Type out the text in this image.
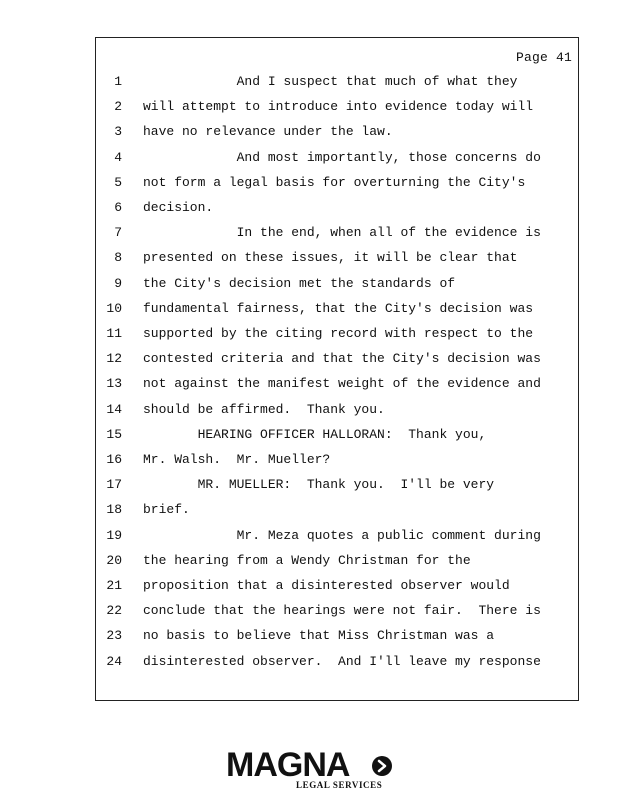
Page 41
1 And I suspect that much of what they
2 will attempt to introduce into evidence today will
3 have no relevance under the law.
4 And most importantly, those concerns do
5 not form a legal basis for overturning the City's
6 decision.
7 In the end, when all of the evidence is
8 presented on these issues, it will be clear that
9 the City's decision met the standards of
10 fundamental fairness, that the City's decision was
11 supported by the citing record with respect to the
12 contested criteria and that the City's decision was
13 not against the manifest weight of the evidence and
14 should be affirmed.  Thank you.
15 HEARING OFFICER HALLORAN:  Thank you,
16 Mr. Walsh.  Mr. Mueller?
17 MR. MUELLER:  Thank you.  I'll be very
18 brief.
19 Mr. Meza quotes a public comment during
20 the hearing from a Wendy Christman for the
21 proposition that a disinterested observer would
22 conclude that the hearings were not fair.  There is
23 no basis to believe that Miss Christman was a
24 disinterested observer.  And I'll leave my response
MAGNA
LEGAL SERVICES
